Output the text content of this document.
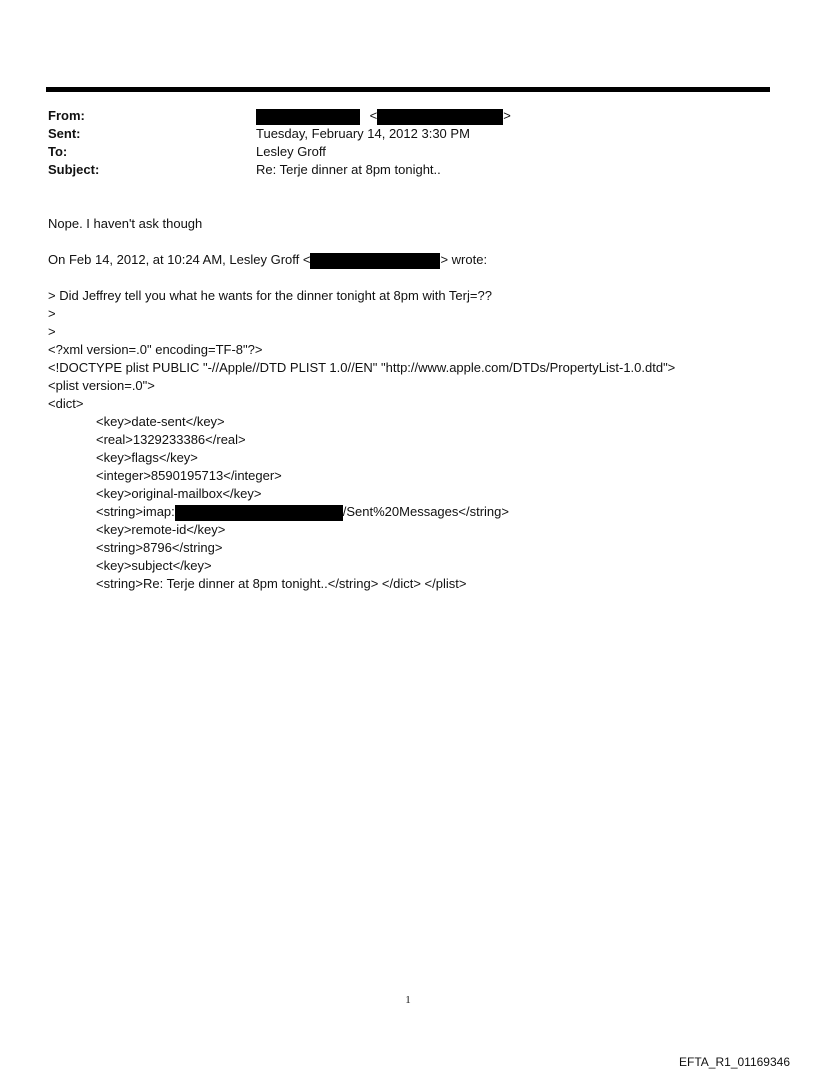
From:	<	>
Sent:	Tuesday, February 14, 2012 3:30 PM
To:	Lesley Groff
Subject:	Re: Terje dinner at 8pm tonight..
Nope. I haven't ask though
On Feb 14, 2012, at 10:24 AM, Lesley Groff <	> wrote:
> Did Jeffrey tell you what he wants for the dinner tonight at 8pm with Terj=??
>
>
<?xml version=.0" encoding=TF-8"?>
<!DOCTYPE plist PUBLIC "-//Apple//DTD PLIST 1.0//EN" "http://www.apple.com/DTDs/PropertyList-1.0.dtd">
<plist version=.0">
<dict>
<key>date-sent</key>
<real>1329233386</real>
<key>flags</key>
<integer>8590195713</integer>
<key>original-mailbox</key>
<string>imap:	/Sent%20Messages</string>
<key>remote-id</key>
<string>8796</string>
<key>subject</key>
<string>Re: Terje dinner at 8pm tonight..</string> </dict> </plist>
1
EFTA_R1_01169346
